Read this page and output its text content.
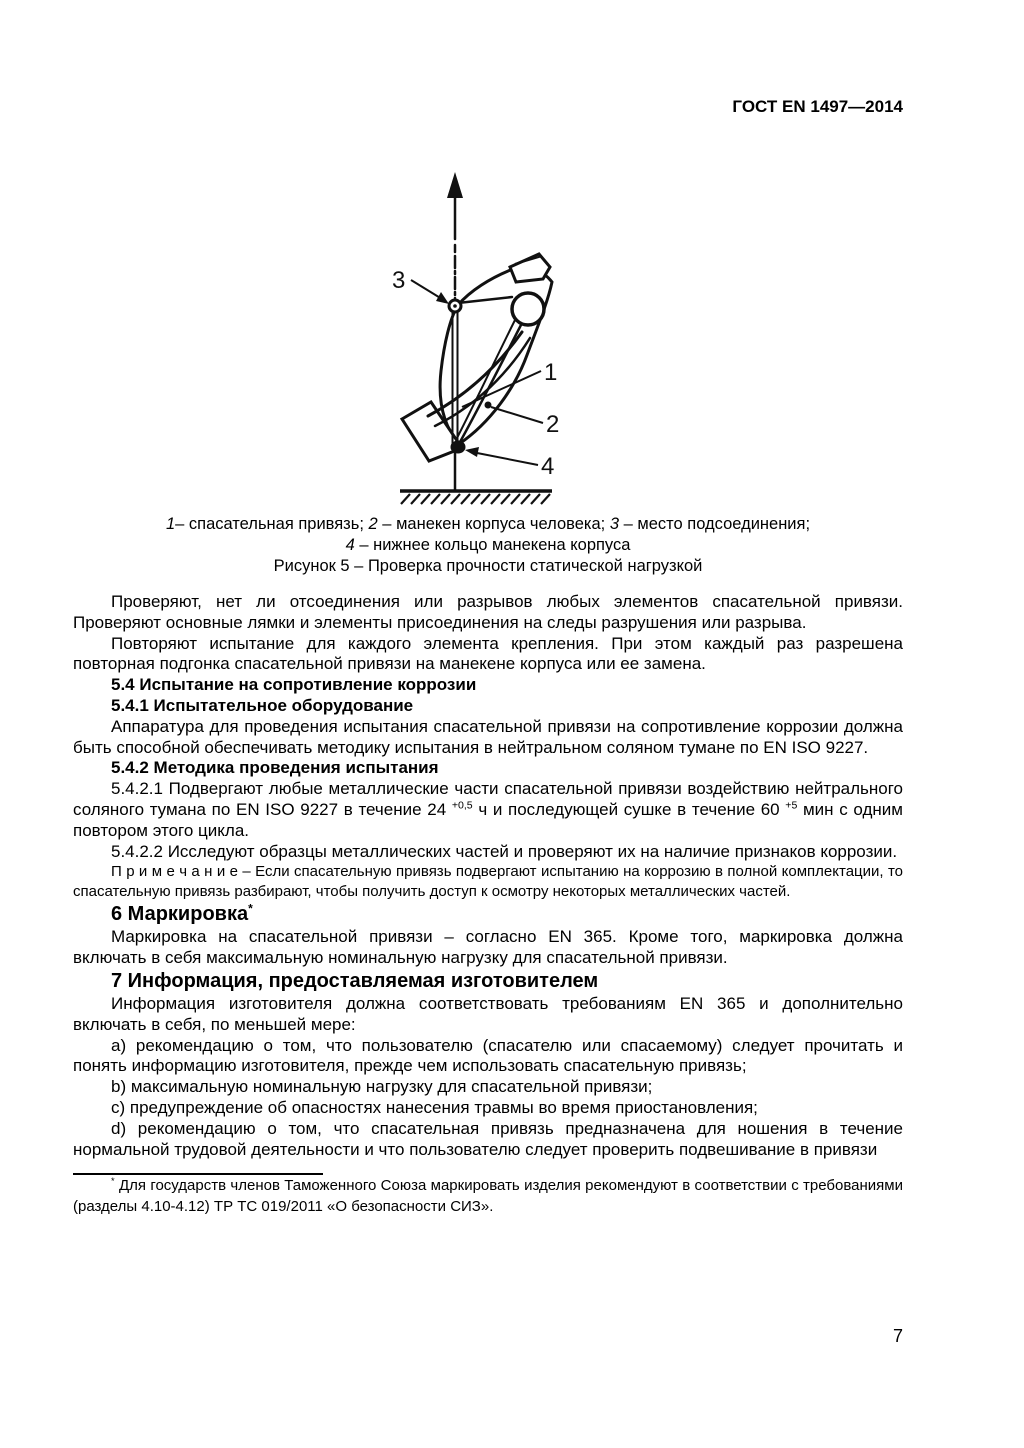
ГОСТ EN 1497—2014
3
1
2
4
1– спасательная привязь; 2 – манекен корпуса человека; 3 – место подсоединения;
4 – нижнее кольцо манекена корпуса
Рисунок 5 – Проверка прочности статической нагрузкой

Проверяют, нет ли отсоединения или разрывов любых элементов спасательной привязи. Проверяют основные лямки и элементы присоединения на следы разрушения или разрыва.

Повторяют испытание для каждого элемента крепления. При этом каждый раз разрешена повторная подгонка спасательной привязи на манекене корпуса или ее замена.

5.4 Испытание на сопротивление коррозии
5.4.1 Испытательное оборудование

Аппаратура для проведения испытания спасательной привязи на сопротивление коррозии должна быть способной обеспечивать методику испытания в нейтральном соляном тумане по EN ISO 9227.

5.4.2 Методика проведения испытания

5.4.2.1 Подвергают любые металлические части спасательной привязи воздействию нейтрального соляного тумана по EN ISO 9227 в течение 24 $^{+0,5}$ ч и последующей сушке в течение 60 $^{+5}$ мин с одним повтором этого цикла.

5.4.2.2 Исследуют образцы металлических частей и проверяют их на наличие признаков коррозии.

П р и м е ч а н и е – Если спасательную привязь подвергают испытанию на коррозию в полной комплектации, то спасательную привязь разбирают, чтобы получить доступ к осмотру некоторых металлических частей.

6 Маркировка*

Маркировка на спасательной привязи – согласно EN 365. Кроме того, маркировка должна включать в себя максимальную номинальную нагрузку для спасательной привязи.

7 Информация, предоставляемая изготовителем

Информация изготовителя должна соответствовать требованиям EN 365 и дополнительно включать в себя, по меньшей мере:

a) рекомендацию о том, что пользователю (спасателю или спасаемому) следует прочитать и понять информацию изготовителя, прежде чем использовать спасательную привязь;

b) максимальную номинальную нагрузку для спасательной привязи;

c) предупреждение об опасностях нанесения травмы во время приостановления;

d) рекомендацию о том, что спасательная привязь предназначена для ношения в течение нормальной трудовой деятельности и что пользователю следует проверить подвешивание в привязи

* Для государств членов Таможенного Союза маркировать изделия рекомендуют в соответствии с требованиями (разделы 4.10-4.12) ТР ТС 019/2011 «О безопасности СИЗ».

7
